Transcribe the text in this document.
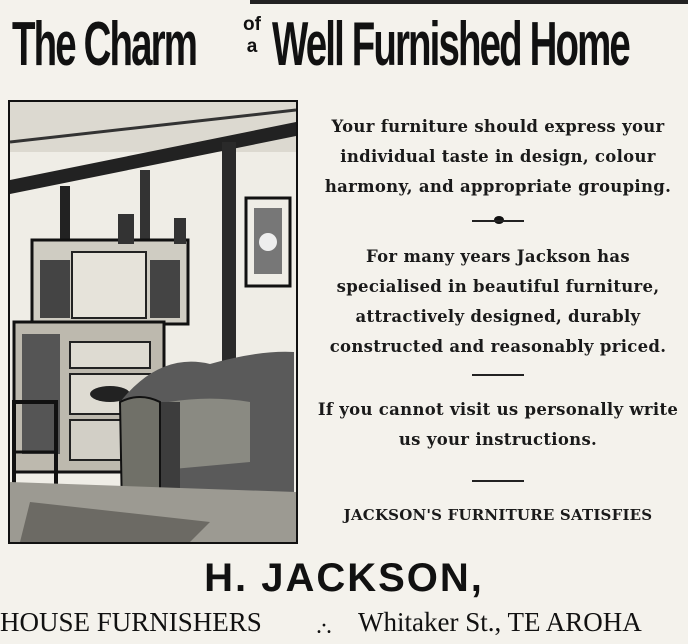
The Charm of
a Well Furnished Home

Your furniture should express your individual taste in design, colour harmony, and appropriate grouping.

For many years Jackson has specialised in beautiful furniture, attractively designed, durably constructed and reasonably priced.

If you cannot visit us personally write us your instructions.

JACKSON'S FURNITURE SATISFIES

H. JACKSON,
HOUSE FURNISHERS .·. Whitaker St., TE AROHA
